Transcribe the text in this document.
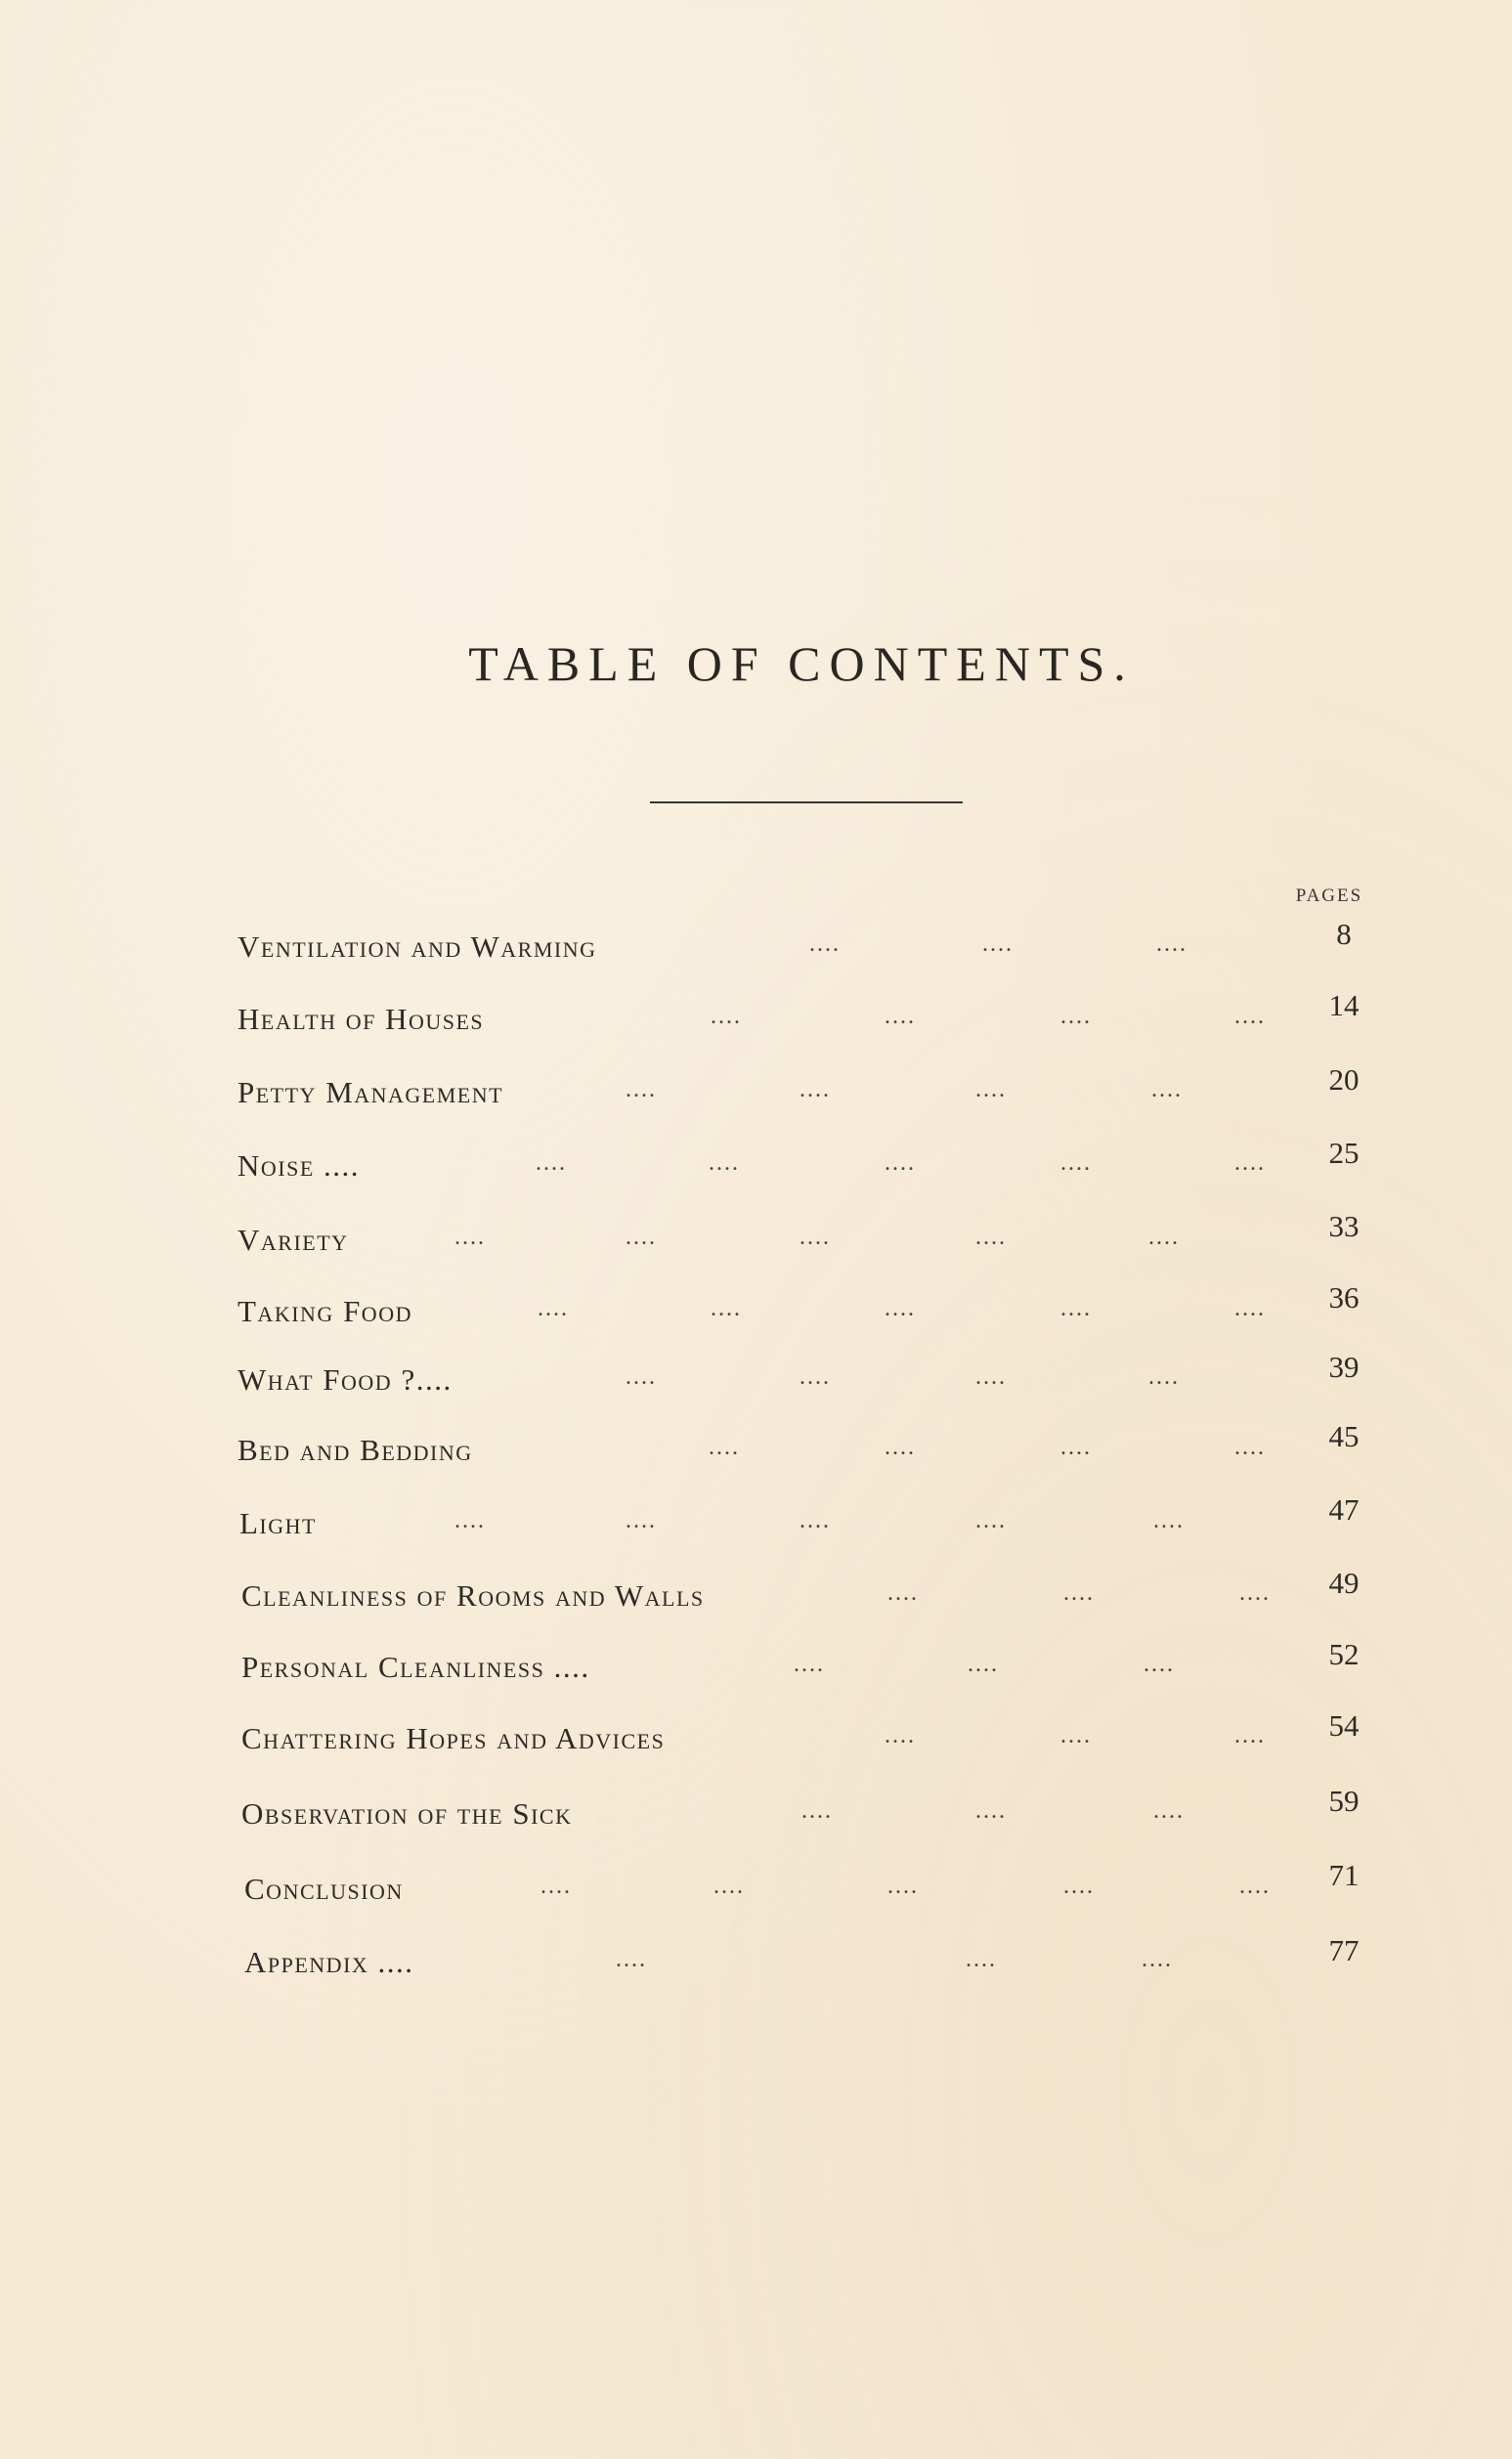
TABLE OF CONTENTS.
PAGES
Ventilation and Warming	....	....	....	8
Health of Houses	....	....	....	....	14
Petty Management	....	....	....	....	20
Noise ....	....	....	....	....	....	25
Variety	....	....	....	....	....	33
Taking Food	....	....	....	....	....	36
What Food ?....	....	....	....	....	39
Bed and Bedding	....	....	....	....	45
Light	....	....	....	....	....	47
Cleanliness of Rooms and Walls	....	....	....	49
Personal Cleanliness ....	....	....	....	52
Chattering Hopes and Advices	....	....	....	54
Observation of the Sick	....	....	....	59
Conclusion	....	....	....	....	....	71
Appendix ....	....	....	....	77
